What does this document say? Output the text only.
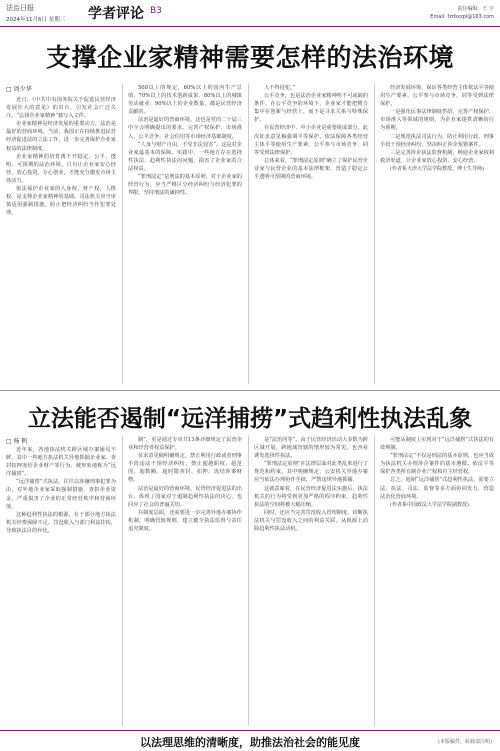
法治日报
2024年11月6日 星期三 学者评论 B3	责任编辑：王 宇
Email: fzrbxzpl@163.com
支撑企业家精神需要怎样的法治环境
□ 周少华

近日，《中共中央国务院关于促进民营经济发展壮大的意见》的出台，引发社会广泛关注。“弘扬企业家精神”被写入文件。

企业家精神是经济发展的重要动力，法治是最好的营商环境。当前，我国正在持续推进民营经济促进法的立法工作，进一步完善保护企业家权益的法律制度。

企业家精神的培育离不开稳定、公平、透明、可预期的法治环境。只有让企业家安心经营、放心投资、专心创业，才能充分激发市场主体活力。

依法保护企业家的人身权、财产权、人格权，是支撑企业家精神的基础。司法机关应当审慎适用强制措施，防止把经济纠纷当作犯罪处理。

500以上的规定，60%以上的国内生产总值、70%以上的技术创新成果、80%以上的城镇劳动就业、90%以上的企业数量，都是民营经济贡献的。

法治是最好的营商环境。这也是党的二十届三中全会明确提出的要求。完善产权保护、市场准入、公平竞争、社会信用等市场经济基础制度。

“人身与财产自由，不受非法侵害”，这是对企业家最基本的保障。实践中，一些地方存在选择性执法、趋利性执法的问题，损害了企业家的合法权益。

“罪刑法定”是刑法的基本原则，对于企业家的经营行为，应当严格区分经济纠纷与经济犯罪的界限，坚持刑法的谦抑性。

人不得侵犯。”

公平竞争，也是法治企业家精神所不可或缺的条件。在公平竞争的环境下，企业家才能把精力集中在创新与经营上，而不是寻求关系与特殊保护。

在民营经济中，中小企业是重要组成部分。此次征求意见稿强调平等保护，依法保障各类经营主体平等使用生产要素、公平参与市场竞争、同等受到法律保护。

总体来看，“罪刑法定原则”确立了保护民营企业家与民营企业的基本法律框架，营造了稳定公平透明可预期的营商环境。

经济发展环境，保证各类经营主体依法平等使用生产要素，公平参与市场竞争，同等受到法律保护。

一是强化民事法律制度供给，完善产权保护、市场准入等领域的规则，为企业家提供清晰的行为预期。

二是规范执法司法行为，防止利用行政、刑事手段干预经济纠纷，坚决纠正涉企冤错案件。

三是完善涉企执法监督机制，畅通企业家权利救济渠道，让企业家放心投资、安心经营。

(作者系天津大学法学院教授、博士生导师)

立法能否遏制“远洋捕捞”式趋利性执法乱象
□ 杨 帆

近年来，各地执法机关跨区域办案屡见不鲜，其中一些地方执法机关异地抓捕企业家、查封扣押冻结企业财产等行为，被形象地称为“远洋捕捞”。

“远洋捕捞”式执法，往往以涉嫌刑事犯罪为由，对外地企业家采取强制措施，查扣企业资金，严重损害了企业的正常经营秩序和营商环境。

这种趋利性执法的根源，在于部分地方执法机关经费保障不足、罚没收入与部门利益挂钩，导致执法目的异化。

制”，更是通过专章共13条详细规定了民营企业和经营者权益保护。

征求意见稿明确规定，禁止利用行政或者刑事手段违法干预经济纠纷，禁止超越职权、超范围、超数额、超时限查封、扣押、冻结涉案财物。

法治是最好的营商环境。民营经济促进法的出台，体现了国家对于遏制趋利性执法的决心，也回应了社会的普遍关切。

在制度层面，还需要进一步完善异地办案协作机制，明确管辖规则，建立健全执法监督与责任追究制度。

是“法治同等”。由于民营经济活动大多数为跨区域开展，跨地域管辖的情形较为常见，也容易诱发选择性执法。

“罪刑法定原则”在法律层面对此类乱象进行了规范和约束。其中明确规定，公安机关异地办案应当依法办理协作手续，严禁违规异地抓捕。

这就意味着，在民营经济促进法实施后，执法机关的行为将受到更加严格的程序约束，趋利性执法的空间将被大幅压缩。

同时，还应当完善罚没收入管理制度，切断执法机关与罚没收入之间的利益关联，从根源上消除趋利性执法动机。

可能从制度上实现对于“远洋捕捞”式执法的有效规制。

“罪刑法定”不仅是刑法的基本原则，也应当成为执法机关办理涉企案件的基本遵循。依法平等保护各类所有制企业产权和自主经营权。

总之，遏制“远洋捕捞”式趋利性执法，需要立法、执法、司法、监督等多方面协同发力，营造法治化营商环境。

(作者系中国政法大学法学院副教授)

以法理思维的清晰度，助推法治社会的能见度	(本版稿件，转载请注明)
